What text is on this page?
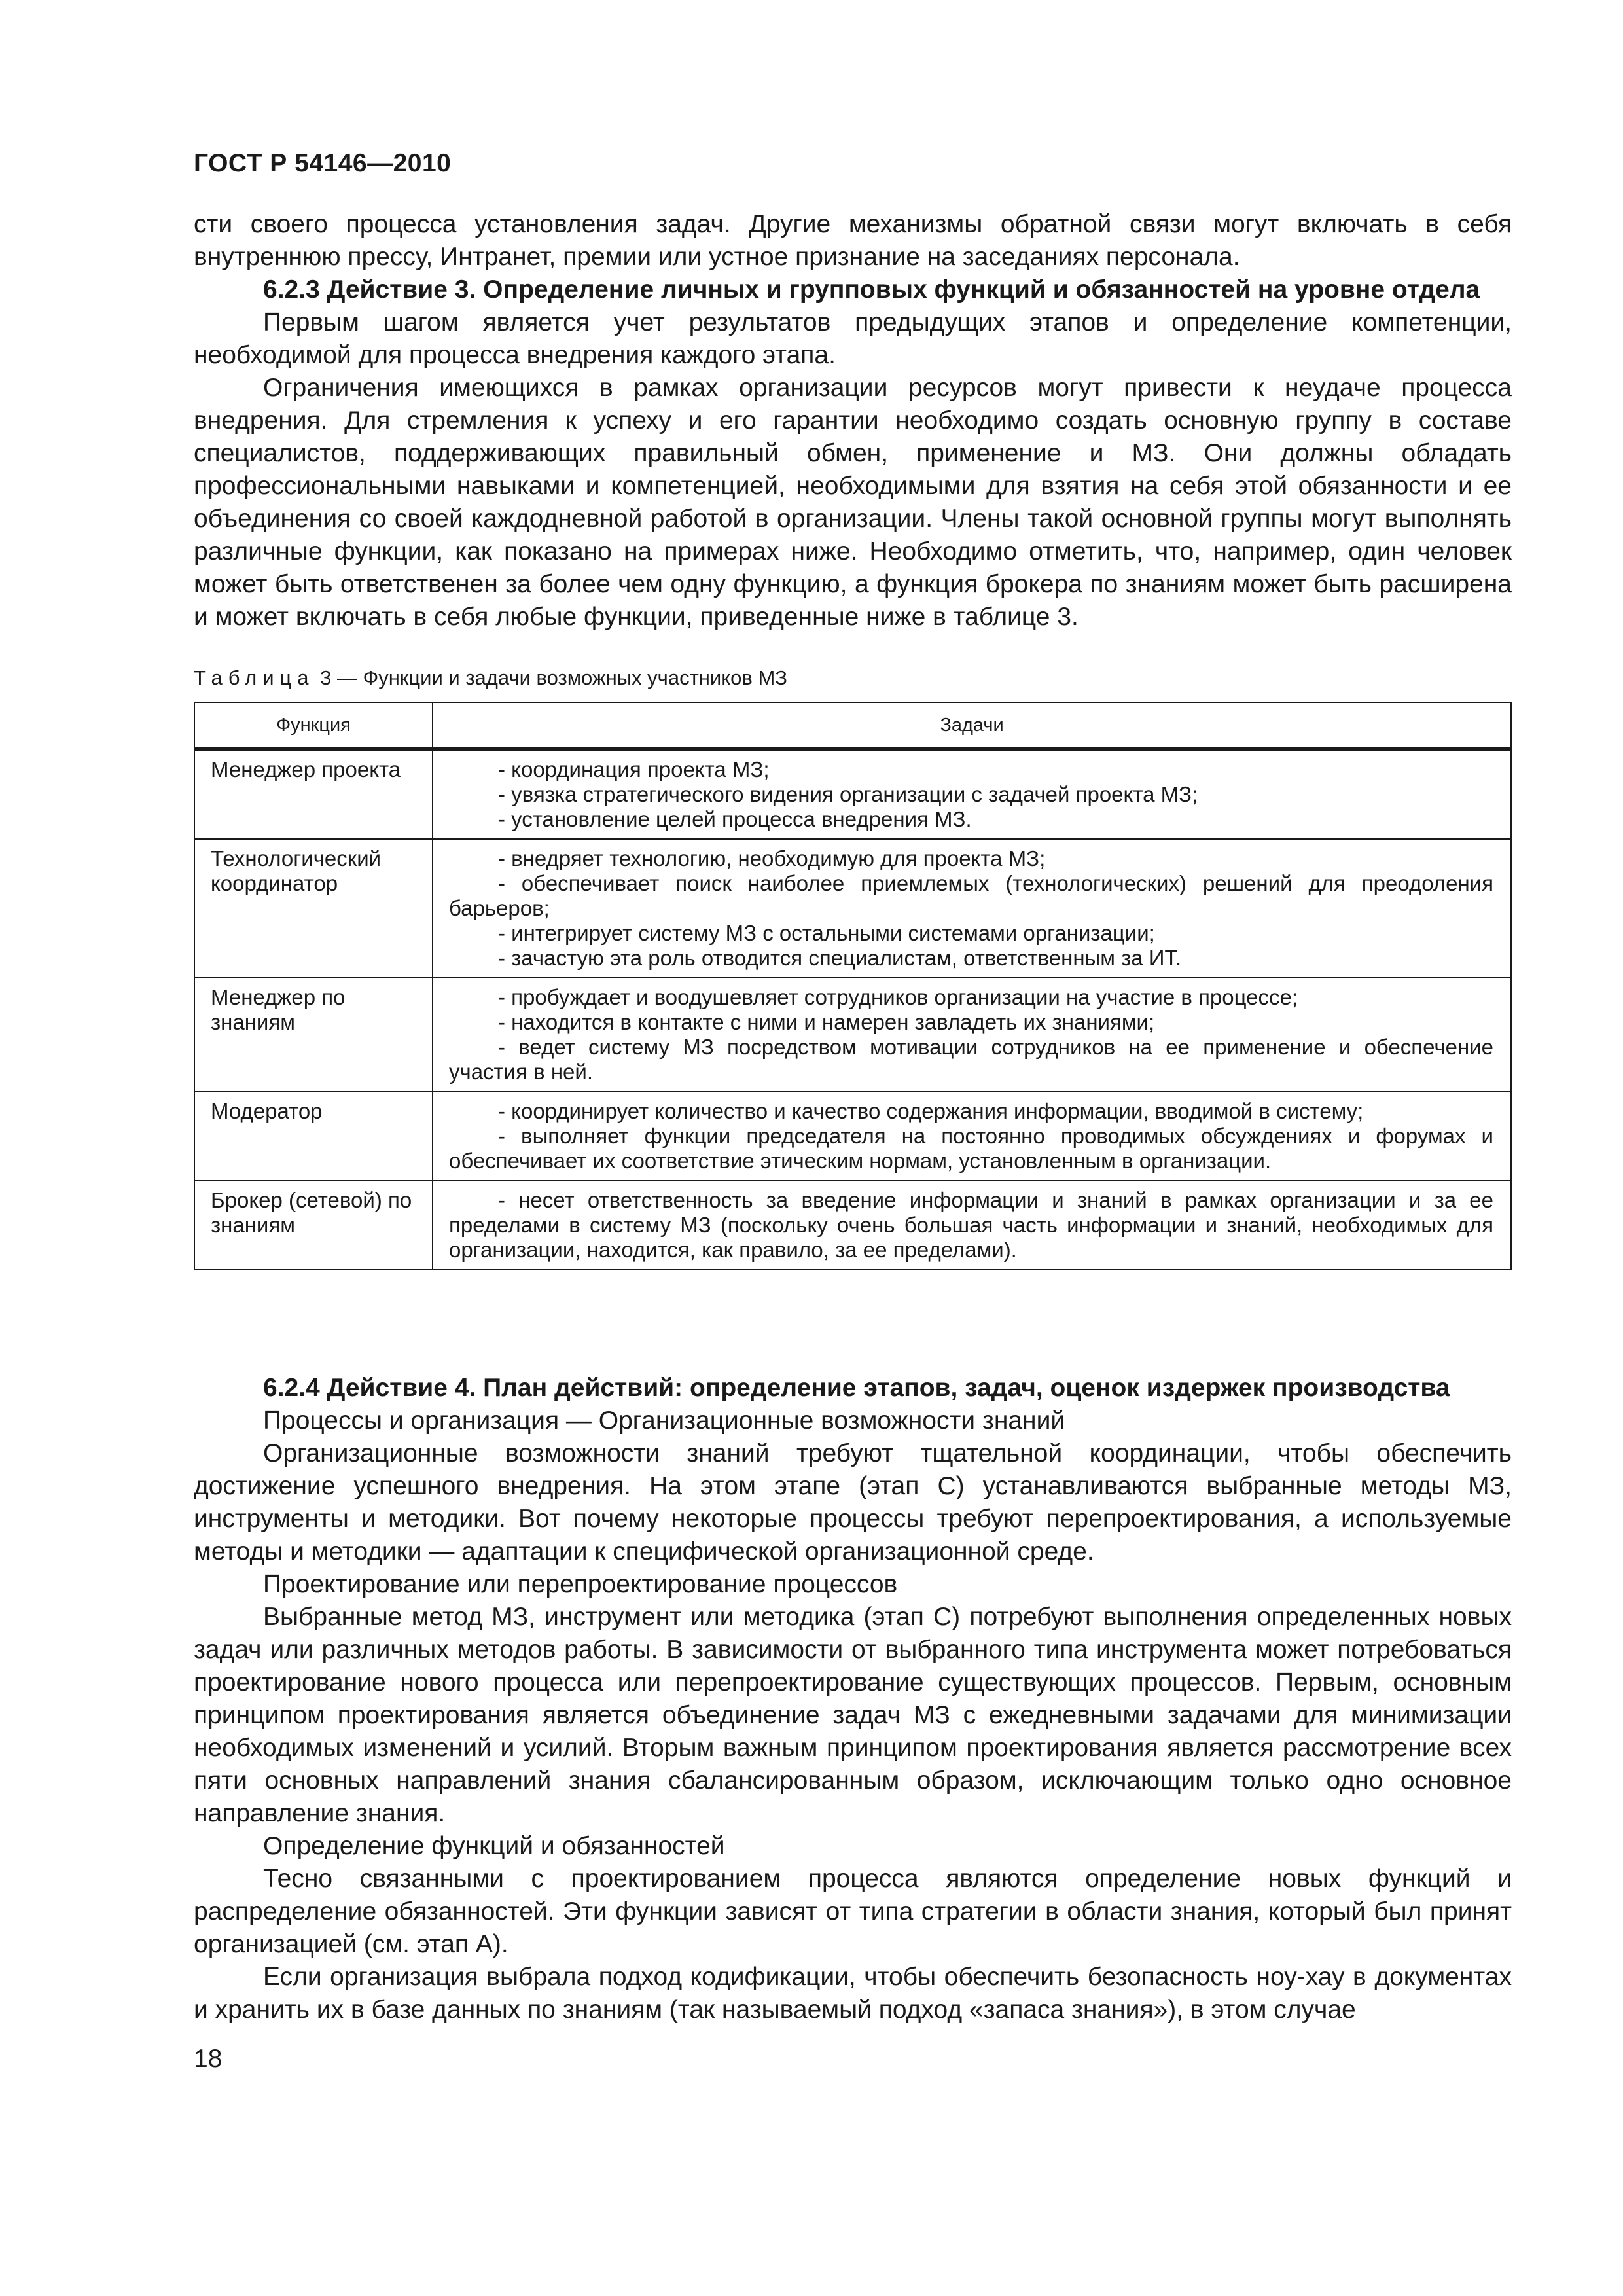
ГОСТ Р 54146—2010

сти своего процесса установления задач. Другие механизмы обратной связи могут включать в себя внутреннюю прессу, Интранет, премии или устное признание на заседаниях персонала.

6.2.3 Действие 3. Определение личных и групповых функций и обязанностей на уровне отдела

Первым шагом является учет результатов предыдущих этапов и определение компетенции, необходимой для процесса внедрения каждого этапа.

Ограничения имеющихся в рамках организации ресурсов могут привести к неудаче процесса внедрения. Для стремления к успеху и его гарантии необходимо создать основную группу в составе специалистов, поддерживающих правильный обмен, применение и МЗ. Они должны обладать профессиональными навыками и компетенцией, необходимыми для взятия на себя этой обязанности и ее объединения со своей каждодневной работой в организации. Члены такой основной группы могут выполнять различные функции, как показано на примерах ниже. Необходимо отметить, что, например, один человек может быть ответственен за более чем одну функцию, а функция брокера по знаниям может быть расширена и может включать в себя любые функции, приведенные ниже в таблице 3.

Таблица 3 — Функции и задачи возможных участников МЗ
Функция	Задачи
Менеджер проекта	- координация проекта МЗ;
- увязка стратегического видения организации с задачей проекта МЗ;
- установление целей процесса внедрения МЗ.

Технологический координатор	- внедряет технологию, необходимую для проекта МЗ;
- обеспечивает поиск наиболее приемлемых (технологических) решений для преодоления барьеров;
- интегрирует систему МЗ с остальными системами организации;
- зачастую эта роль отводится специалистам, ответственным за ИТ.

Менеджер по знаниям	- пробуждает и воодушевляет сотрудников организации на участие в процессе;
- находится в контакте с ними и намерен завладеть их знаниями;
- ведет систему МЗ посредством мотивации сотрудников на ее применение и обеспечение участия в ней.

Модератор	- координирует количество и качество содержания информации, вводимой в систему;
- выполняет функции председателя на постоянно проводимых обсуждениях и форумах и обеспечивает их соответствие этическим нормам, установленным в организации.

Брокер (сетевой) по знаниям	- несет ответственность за введение информации и знаний в рамках организации и за ее пределами в систему МЗ (поскольку очень большая часть информации и знаний, необходимых для организации, находится, как правило, за ее пределами).

6.2.4 Действие 4. План действий: определение этапов, задач, оценок издержек производства

Процессы и организация — Организационные возможности знаний

Организационные возможности знаний требуют тщательной координации, чтобы обеспечить достижение успешного внедрения. На этом этапе (этап С) устанавливаются выбранные методы МЗ, инструменты и методики. Вот почему некоторые процессы требуют перепроектирования, а используемые методы и методики — адаптации к специфической организационной среде.

Проектирование или перепроектирование процессов

Выбранные метод МЗ, инструмент или методика (этап С) потребуют выполнения определенных новых задач или различных методов работы. В зависимости от выбранного типа инструмента может потребоваться проектирование нового процесса или перепроектирование существующих процессов. Первым, основным принципом проектирования является объединение задач МЗ с ежедневными задачами для минимизации необходимых изменений и усилий. Вторым важным принципом проектирования является рассмотрение всех пяти основных направлений знания сбалансированным образом, исключающим только одно основное направление знания.

Определение функций и обязанностей

Тесно связанными с проектированием процесса являются определение новых функций и распределение обязанностей. Эти функции зависят от типа стратегии в области знания, который был принят организацией (см. этап А).

Если организация выбрала подход кодификации, чтобы обеспечить безопасность ноу-хау в документах и хранить их в базе данных по знаниям (так называемый подход «запаса знания»), в этом случае

18
